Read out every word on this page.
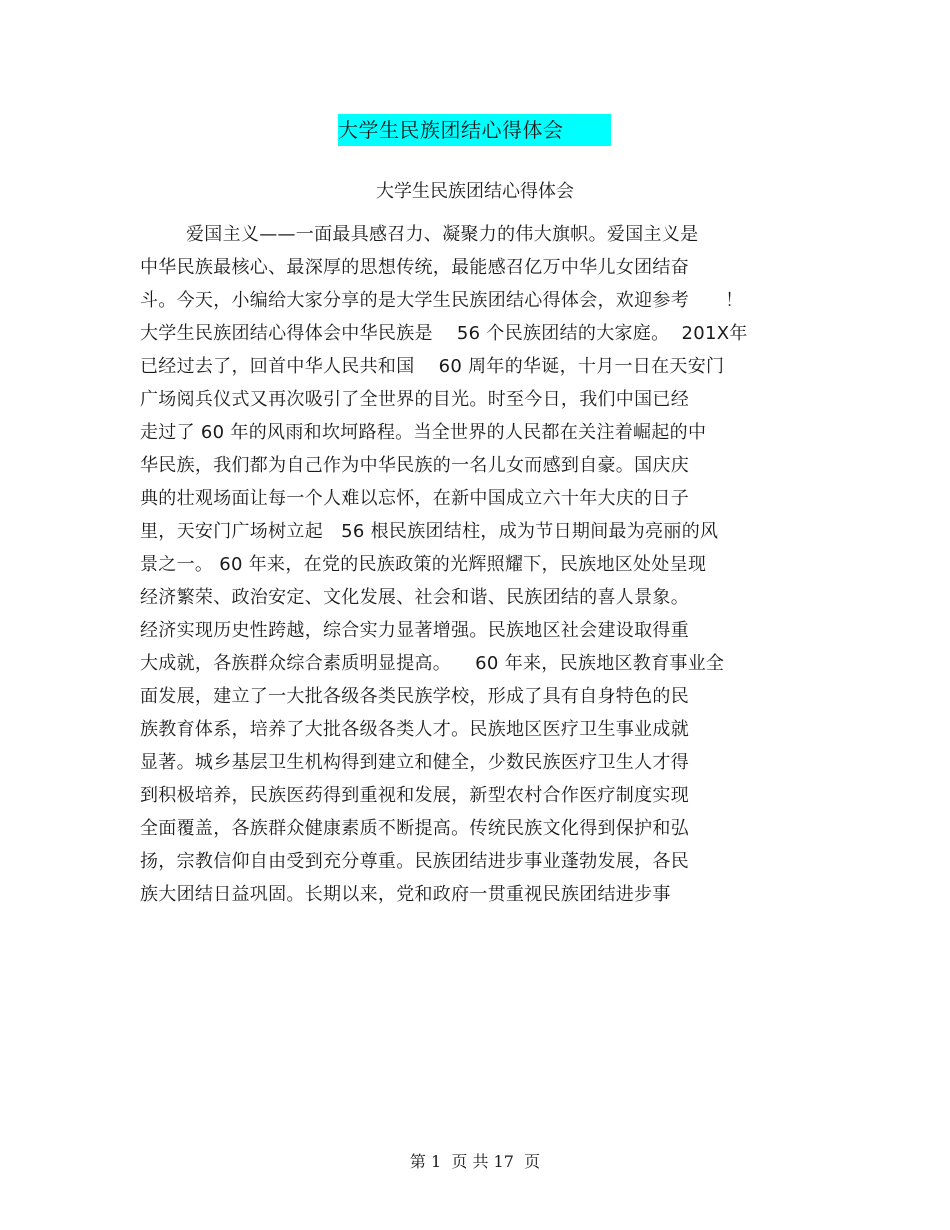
大学生民族团结心得体会
大学生民族团结心得体会
爱国主义——一面最具感召力、凝聚力的伟大旗帜。爱国主义是
中华民族最核心、最深厚的思想传统，最能感召亿万中华儿女团结奋
斗。今天，小编给大家分享的是大学生民族团结心得体会，欢迎参考      ！
大学生民族团结心得体会中华民族是    56 个民族团结的大家庭。  201X年
已经过去了，回首中华人民共和国    60 周年的华诞，十月一日在天安门
广场阅兵仪式又再次吸引了全世界的目光。时至今日，我们中国已经
走过了 60 年的风雨和坎坷路程。当全世界的人民都在关注着崛起的中
华民族，我们都为自己作为中华民族的一名儿女而感到自豪。国庆庆
典的壮观场面让每一个人难以忘怀，在新中国成立六十年大庆的日子
里，天安门广场树立起   56 根民族团结柱，成为节日期间最为亮丽的风
景之一。 60 年来，在党的民族政策的光辉照耀下，民族地区处处呈现
经济繁荣、政治安定、文化发展、社会和谐、民族团结的喜人景象。
经济实现历史性跨越，综合实力显著增强。民族地区社会建设取得重
大成就，各族群众综合素质明显提高。    60 年来，民族地区教育事业全
面发展，建立了一大批各级各类民族学校，形成了具有自身特色的民
族教育体系，培养了大批各级各类人才。民族地区医疗卫生事业成就
显著。城乡基层卫生机构得到建立和健全，少数民族医疗卫生人才得
到积极培养，民族医药得到重视和发展，新型农村合作医疗制度实现
全面覆盖，各族群众健康素质不断提高。传统民族文化得到保护和弘
扬，宗教信仰自由受到充分尊重。民族团结进步事业蓬勃发展，各民
族大团结日益巩固。长期以来，党和政府一贯重视民族团结进步事
第 1  页 共 17  页
